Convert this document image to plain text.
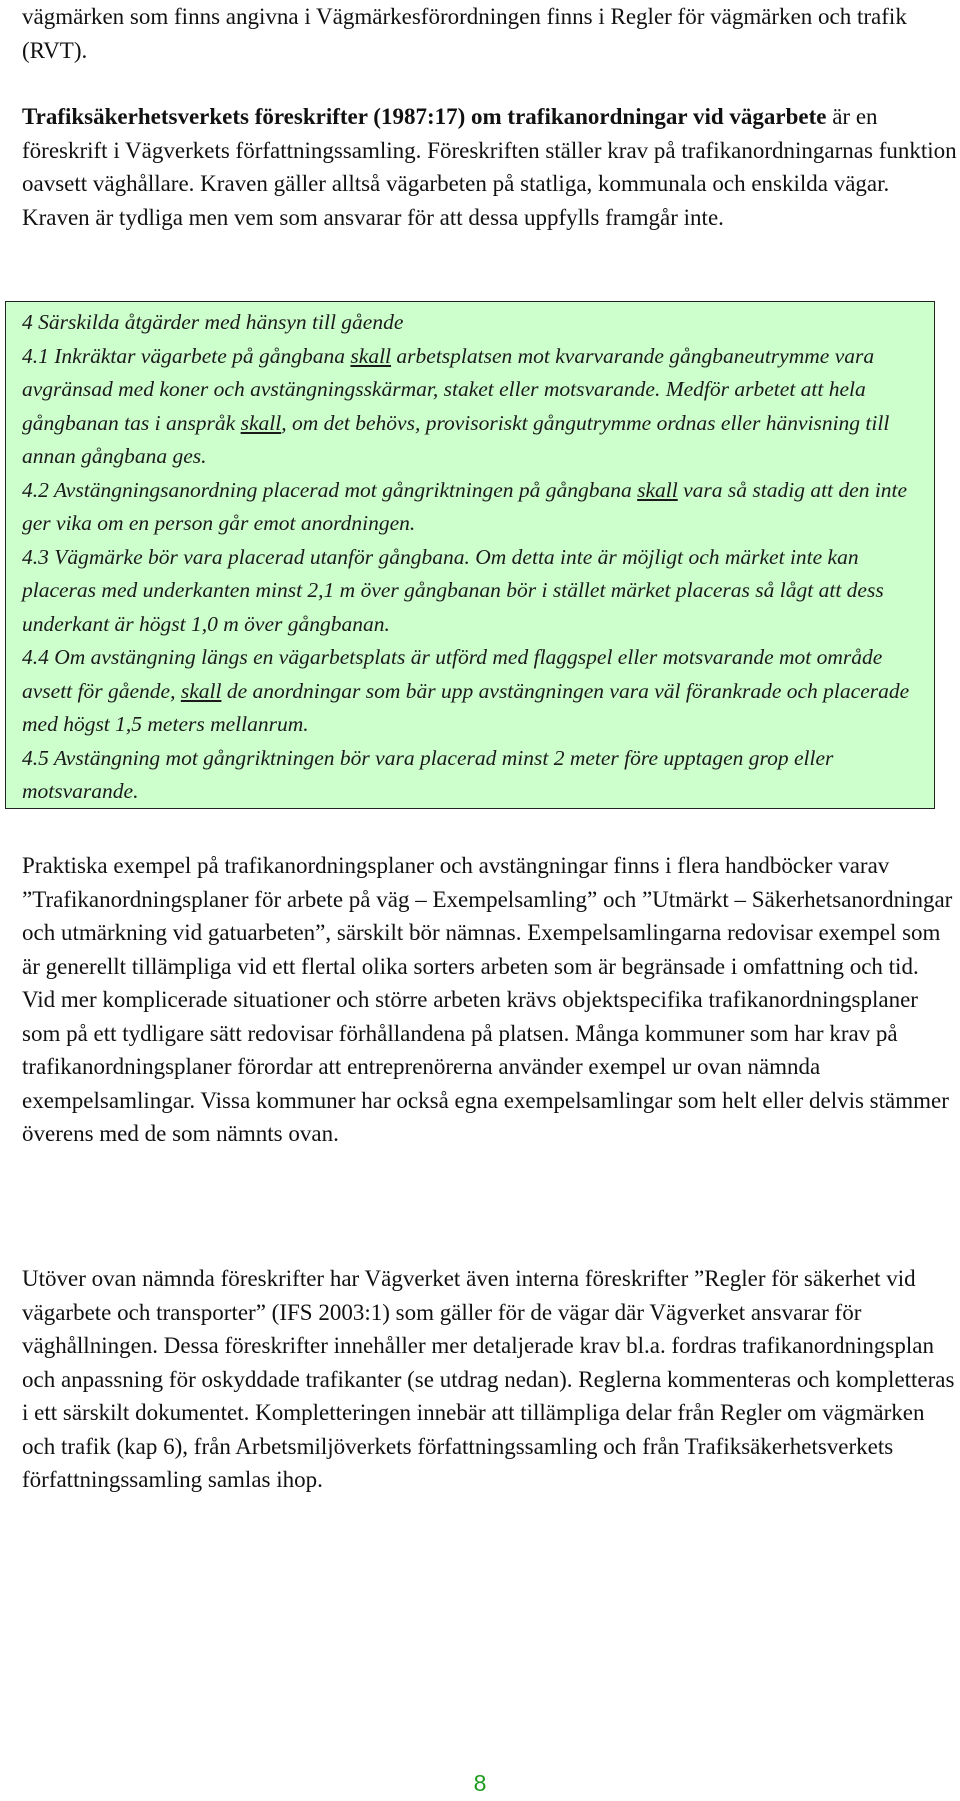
vägmärken som finns angivna i Vägmärkesförordningen finns i Regler för vägmärken och trafik (RVT).

Trafiksäkerhetsverkets föreskrifter (1987:17) om trafikanordningar vid vägarbete är en föreskrift i Vägverkets författningssamling. Föreskriften ställer krav på trafikanordningarnas funktion oavsett väghållare. Kraven gäller alltså vägarbeten på statliga, kommunala och enskilda vägar. Kraven är tydliga men vem som ansvarar för att dessa uppfylls framgår inte.

4 Särskilda åtgärder med hänsyn till gående
4.1 Inkräktar vägarbete på gångbana skall arbetsplatsen mot kvarvarande gångbaneutrymme vara avgränsad med koner och avstängningsskärmar, staket eller motsvarande. Medför arbetet att hela gångbanan tas i anspråk skall, om det behövs, provisoriskt gångutrymme ordnas eller hänvisning till annan gångbana ges.
4.2 Avstängningsanordning placerad mot gångriktningen på gångbana skall vara så stadig att den inte ger vika om en person går emot anordningen.
4.3 Vägmärke bör vara placerad utanför gångbana. Om detta inte är möjligt och märket inte kan placeras med underkanten minst 2,1 m över gångbanan bör i stället märket placeras så lågt att dess underkant är högst 1,0 m över gångbanan.
4.4 Om avstängning längs en vägarbetsplats är utförd med flaggspel eller motsvarande mot område avsett för gående, skall de anordningar som bär upp avstängningen vara väl förankrade och placerade med högst 1,5 meters mellanrum.
4.5 Avstängning mot gångriktningen bör vara placerad minst 2 meter före upptagen grop eller motsvarande.

Praktiska exempel på trafikanordningsplaner och avstängningar finns i flera handböcker varav ”Trafikanordningsplaner för arbete på väg – Exempelsamling” och ”Utmärkt – Säkerhetsanordningar och utmärkning vid gatuarbeten”, särskilt bör nämnas. Exempelsamlingarna redovisar exempel som är generellt tillämpliga vid ett flertal olika sorters arbeten som är begränsade i omfattning och tid. Vid mer komplicerade situationer och större arbeten krävs objektspecifika trafikanordningsplaner som på ett tydligare sätt redovisar förhållandena på platsen. Många kommuner som har krav på trafikanordningsplaner förordar att entreprenörerna använder exempel ur ovan nämnda exempelsamlingar. Vissa kommuner har också egna exempelsamlingar som helt eller delvis stämmer överens med de som nämnts ovan.

Utöver ovan nämnda föreskrifter har Vägverket även interna föreskrifter ”Regler för säkerhet vid vägarbete och transporter” (IFS 2003:1) som gäller för de vägar där Vägverket ansvarar för väghållningen. Dessa föreskrifter innehåller mer detaljerade krav bl.a. fordras trafikanordningsplan och anpassning för oskyddade trafikanter (se utdrag nedan). Reglerna kommenteras och kompletteras i ett särskilt dokumentet. Kompletteringen innebär att tillämpliga delar från Regler om vägmärken och trafik (kap 6), från Arbetsmiljöverkets författningssamling och från Trafiksäkerhetsverkets författningssamling samlas ihop.

8
